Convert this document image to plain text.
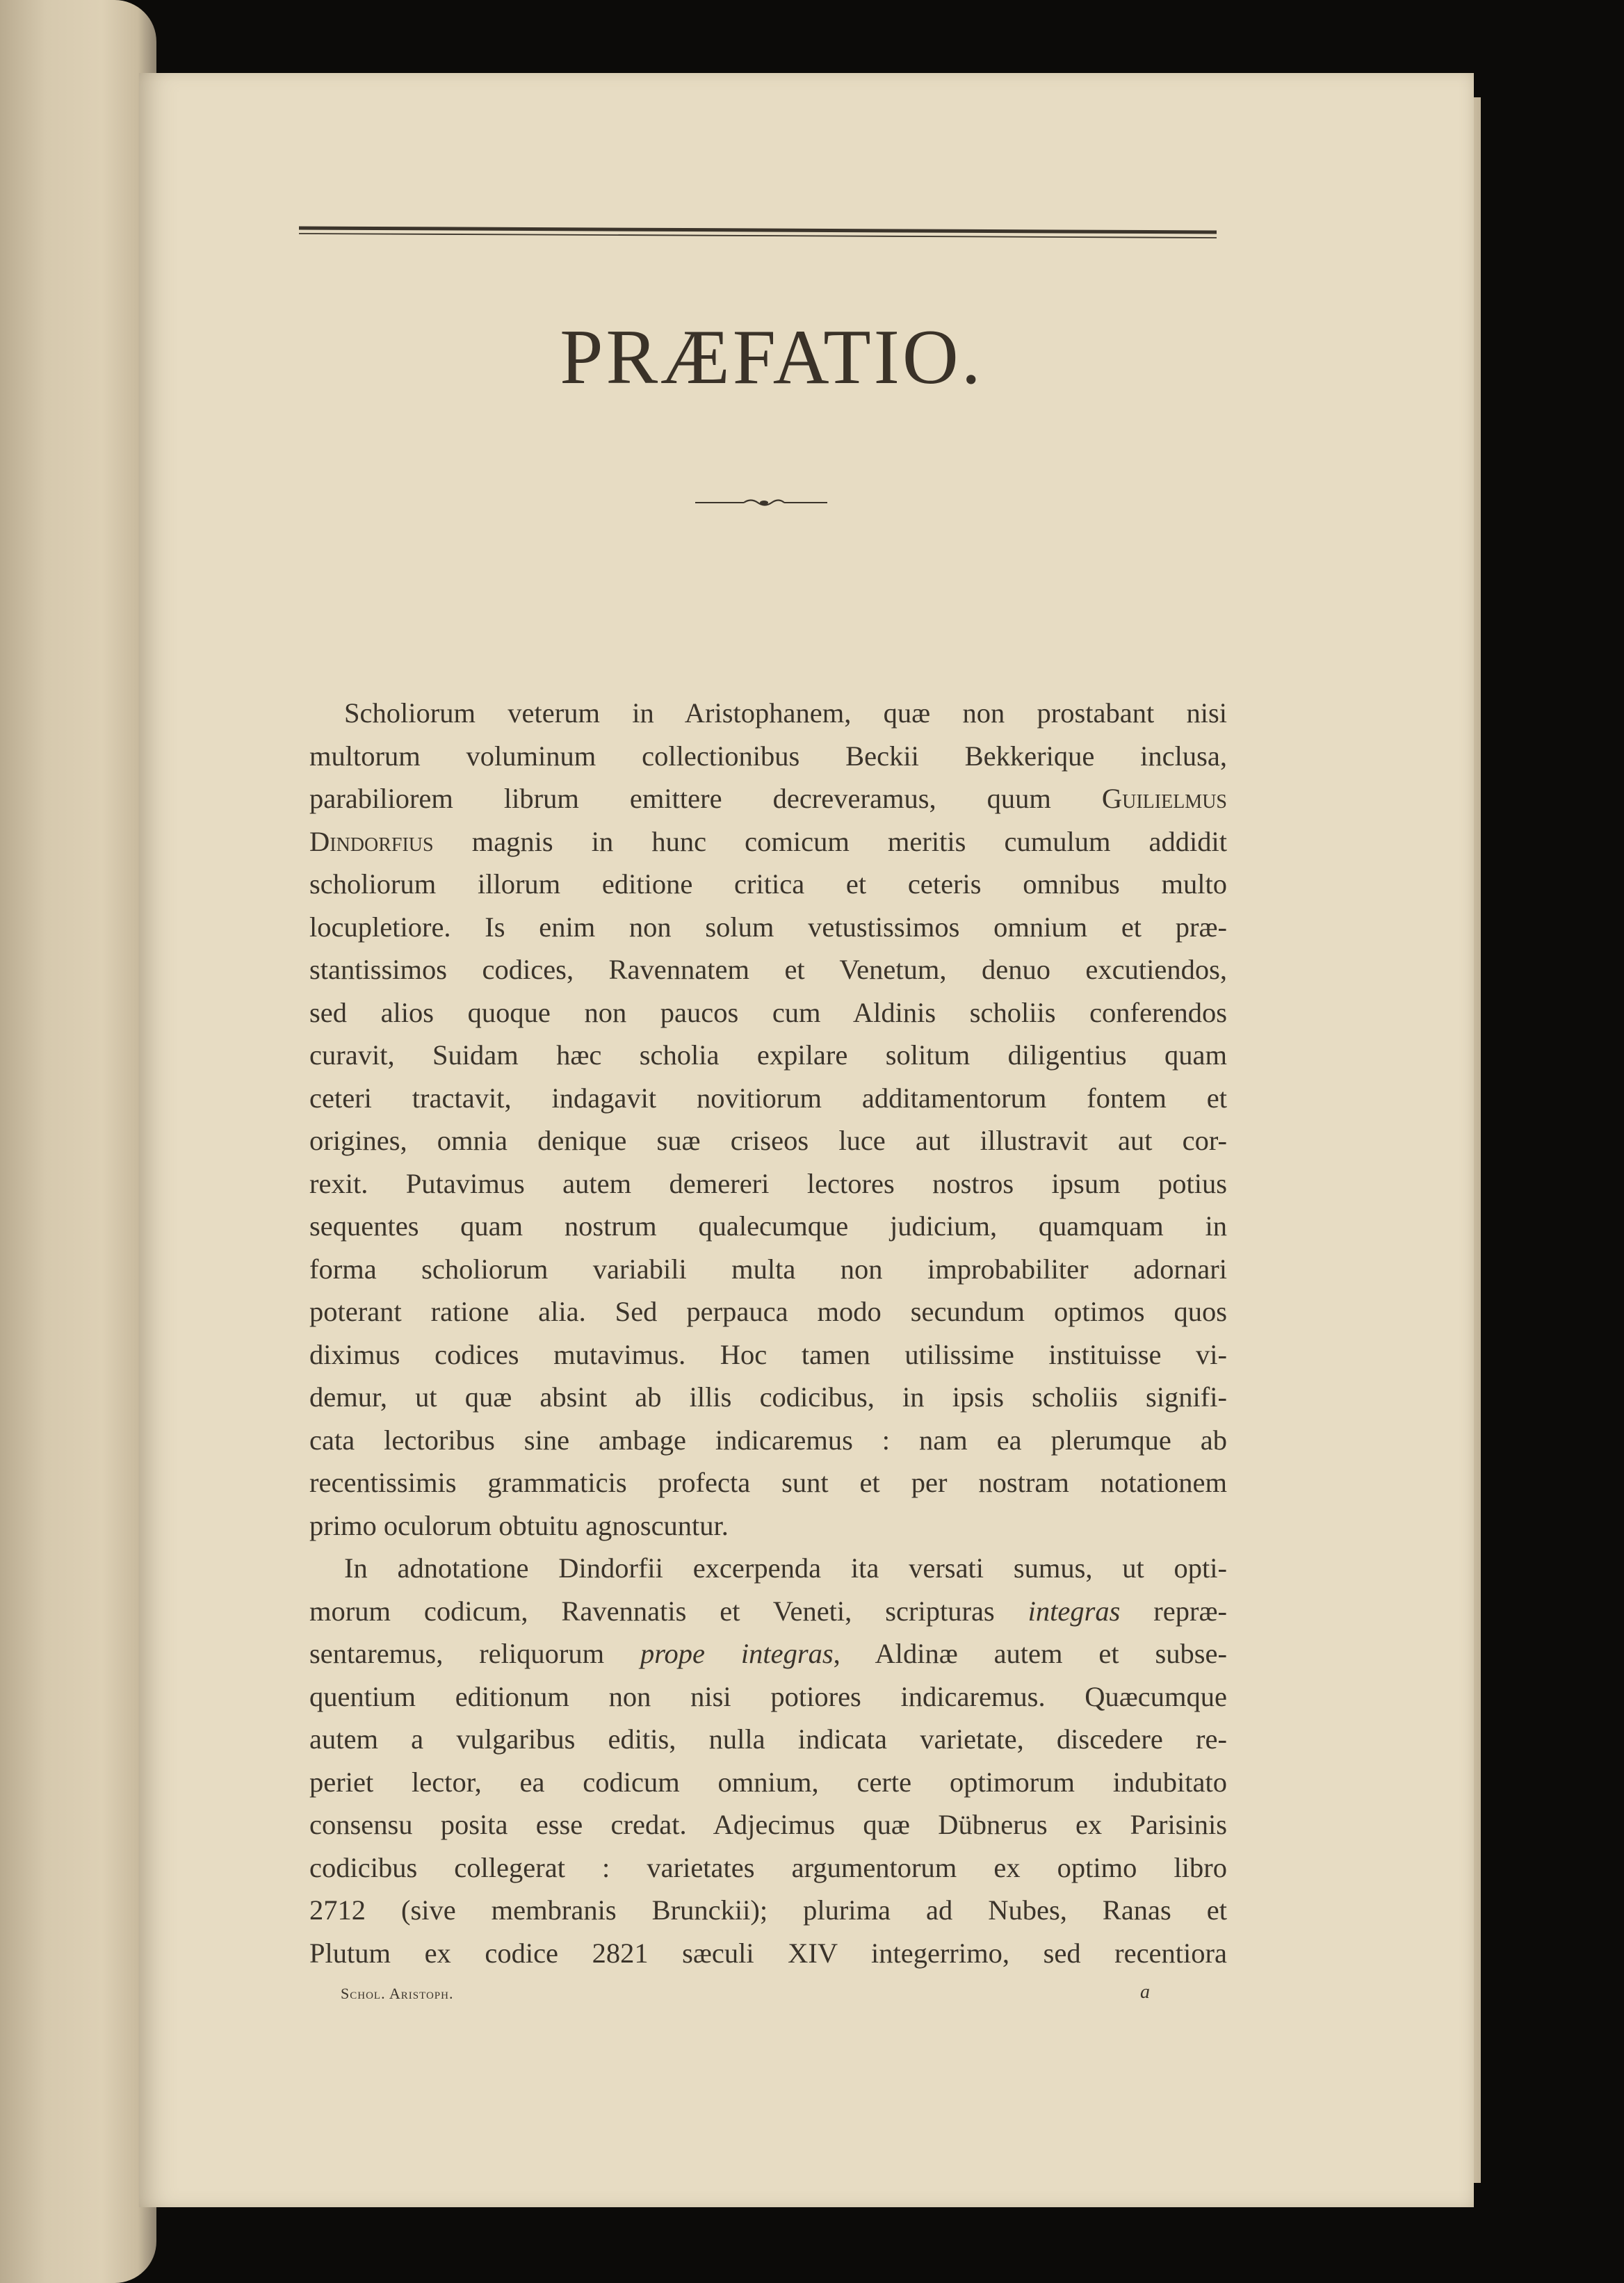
PRÆFATIO.
Scholiorum veterum in Aristophanem, quæ non prostabant nisi
multorum voluminum collectionibus Beckii Bekkerique inclusa,
parabiliorem librum emittere decreveramus, quum Guilielmus
Dindorfius magnis in hunc comicum meritis cumulum addidit
scholiorum illorum editione critica et ceteris omnibus multo
locupletiore. Is enim non solum vetustissimos omnium et præ-
stantissimos codices, Ravennatem et Venetum, denuo excutiendos,
sed alios quoque non paucos cum Aldinis scholiis conferendos
curavit, Suidam hæc scholia expilare solitum diligentius quam
ceteri tractavit, indagavit novitiorum additamentorum fontem et
origines, omnia denique suæ criseos luce aut illustravit aut cor-
rexit. Putavimus autem demereri lectores nostros ipsum potius
sequentes quam nostrum qualecumque judicium, quamquam in
forma scholiorum variabili multa non improbabiliter adornari
poterant ratione alia. Sed perpauca modo secundum optimos quos
diximus codices mutavimus. Hoc tamen utilissime instituisse vi-
demur, ut quæ absint ab illis codicibus, in ipsis scholiis signifi-
cata lectoribus sine ambage indicaremus : nam ea plerumque ab
recentissimis grammaticis profecta sunt et per nostram notationem
primo oculorum obtuitu agnoscuntur.
In adnotatione Dindorfii excerpenda ita versati sumus, ut opti-
morum codicum, Ravennatis et Veneti, scripturas integras repræ-
sentaremus, reliquorum prope integras, Aldinæ autem et subse-
quentium editionum non nisi potiores indicaremus. Quæcumque
autem a vulgaribus editis, nulla indicata varietate, discedere re-
periet lector, ea codicum omnium, certe optimorum indubitato
consensu posita esse credat. Adjecimus quæ Dübnerus ex Parisinis
codicibus collegerat : varietates argumentorum ex optimo libro
2712 (sive membranis Brunckii); plurima ad Nubes, Ranas et
Plutum ex codice 2821 sæculi XIV integerrimo, sed recentiora
Schol. Aristoph.	a
